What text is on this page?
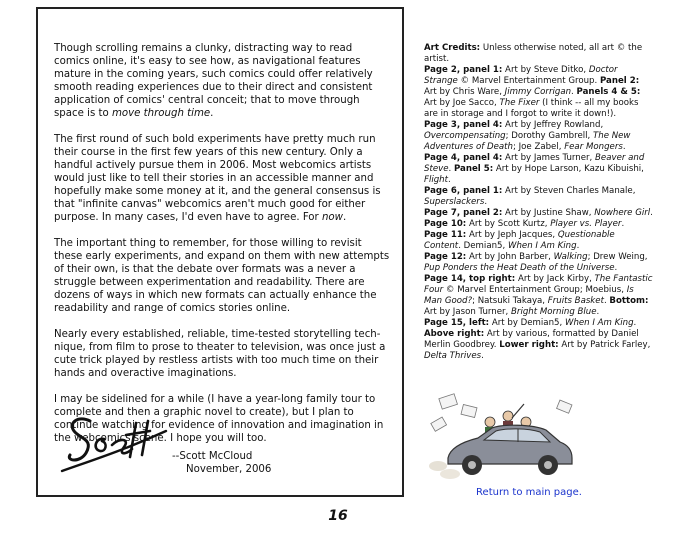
Though scrolling remains a clunky, distracting way to read comics online, it's easy to see how, as navigational features mature in the coming years, such comics could offer relatively smooth reading experiences due to their direct and consistent application of comics' central conceit; that to move through space is to move through time.

The first round of such bold experiments have pretty much run their course in the first few years of this new century. Only a handful actively pursue them in 2006. Most webcomics artists would just like to tell their stories in an accessible manner and hopefully make some money at it, and the general consensus is that "infinite canvas" webcomics aren't much good for either purpose. In many cases, I'd even have to agree. For now.

The important thing to remember, for those willing to revisit these early experiments, and expand on them with new attempts of their own, is that the debate over formats was a never a struggle between experimentation and readability. There are dozens of ways in which new formats can actually enhance the readability and range of comics stories online.

Nearly every established, reliable, time-tested storytelling tech-nique, from film to prose to theater to television, was once just a cute trick played by restless artists with too much time on their hands and overactive imaginations.

I may be sidelined for a while (I have a year-long family tour to complete and then a graphic novel to create), but I plan to continue watching for evidence of innovation and imagination in the webcomics scene. I hope you will too.

--Scott McCloud
November, 2006
16
Art Credits: Unless otherwise noted, all art © the artist.
Page 2, panel 1: Art by Steve Ditko, Doctor Strange © Marvel Entertainment Group. Panel 2: Art by Chris Ware, Jimmy Corrigan. Panels 4 & 5: Art by Joe Sacco, The Fixer (I think -- all my books are in storage and I forgot to write it down!).
Page 3, panel 4: Art by Jeffrey Rowland, Overcompensating; Dorothy Gambrell, The New Adventures of Death; Joe Zabel, Fear Mongers.
Page 4, panel 4: Art by James Turner, Beaver and Steve. Panel 5: Art by Hope Larson, Kazu Kibuishi, Flight.
Page 6, panel 1: Art by Steven Charles Manale, Superslackers.
Page 7, panel 2: Art by Justine Shaw, Nowhere Girl.
Page 10: Art by Scott Kurtz, Player vs. Player.
Page 11: Art by Jeph Jacques, Questionable Content. Demian5, When I Am King.
Page 12: Art by John Barber, Walking; Drew Weing, Pup Ponders the Heat Death of the Universe.
Page 14, top right: Art by Jack Kirby, The Fantastic Four © Marvel Entertainment Group; Moebius, Is Man Good?; Natsuki Takaya, Fruits Basket. Bottom: Art by Jason Turner, Bright Morning Blue.
Page 15, left: Art by Demian5, When I Am King. Above right: Art by various, formatted by Daniel Merlin Goodbrey. Lower right: Art by Patrick Farley, Delta Thrives.
Return to main page.
